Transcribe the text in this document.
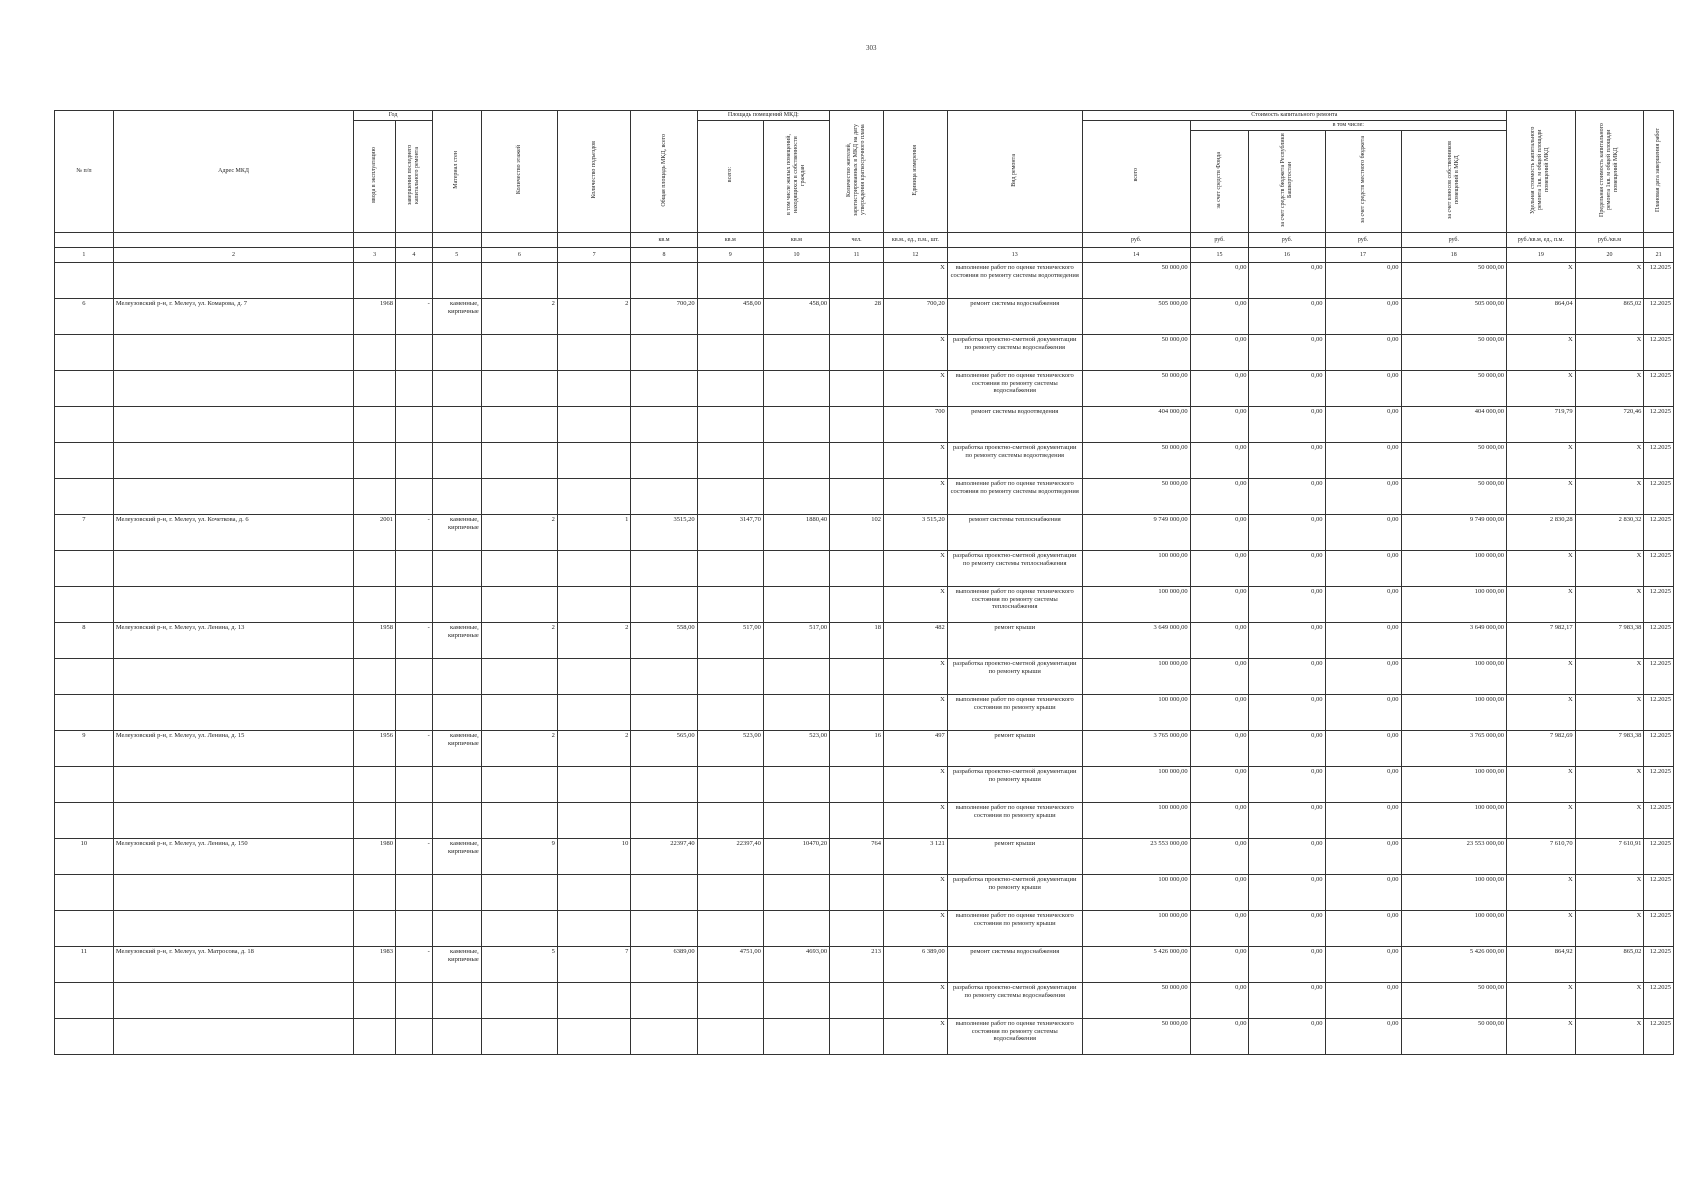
303
№ п/п	Адрес МКД	Год		Материал стен	Количество этажей	Количество подъездов	Общая площадь МКД, всего	Площадь помещений МКД:		Количество жителей, зарегистрированных в МКД на дату утверждения краткосрочного плана	Единица измерения	Вид ремонта	Стоимость капитального ремонта					Удельная стоимость капитального ремонта 1кв. м общей площади помещений МКД	Предельная стоимость капитального ремонта 1кв. м общей площади помещений МКД	Плановая дата завершения работ
		ввода в эксплуатацию	завершения последнего капитального ремонта					всего:	в том числе жилых помещений, находящихся в собственности граждан				всего	в том числе:						
														за счет средств Фонда	за счет средств бюджета Республики Башкортостан	за счет средств местного бюджета	за счет взносов собственников помещений в МКД			
							кв.м	кв.м	кв.м	чел.	кв.м., ед., п.м., шт.		руб.	руб.	руб.	руб.	руб.	руб./кв.м, ед., п.м.	руб./кв.м	
1	2	3	4	5	6	7	8	9	10	11	12	13	14	15	16	17	18	19	20	21
											X	выполнение работ по оценке технического состояния по ремонту системы водоотведения	50 000,00	0,00	0,00	0,00	50 000,00	X	X	12.2025
6	Мелеузовский р-н, г. Мелеуз, ул. Комарова, д. 7	1968	-	каменные, кирпичные	2	2	700,20	458,00	458,00	28	700,20	ремонт системы водоснабжения	505 000,00	0,00	0,00	0,00	505 000,00	864,04	865,02	12.2025
											X	разработка проектно-сметной документации по ремонту системы водоснабжения	50 000,00	0,00	0,00	0,00	50 000,00	X	X	12.2025
											X	выполнение работ по оценке технического состояния по ремонту системы водоснабжения	50 000,00	0,00	0,00	0,00	50 000,00	X	X	12.2025
											700	ремонт системы водоотведения	404 000,00	0,00	0,00	0,00	404 000,00	719,79	720,46	12.2025
											X	разработка проектно-сметной документации по ремонту системы водоотведения	50 000,00	0,00	0,00	0,00	50 000,00	X	X	12.2025
											X	выполнение работ по оценке технического состояния по ремонту системы водоотведения	50 000,00	0,00	0,00	0,00	50 000,00	X	X	12.2025
7	Мелеузовский р-н, г. Мелеуз, ул. Кочеткова, д. 6	2001	-	каменные, кирпичные	2	1	3515,20	3147,70	1880,40	102	3 515,20	ремонт системы теплоснабжения	9 749 000,00	0,00	0,00	0,00	9 749 000,00	2 830,28	2 830,32	12.2025
											X	разработка проектно-сметной документации по ремонту системы теплоснабжения	100 000,00	0,00	0,00	0,00	100 000,00	X	X	12.2025
											X	выполнение работ по оценке технического состояния по ремонту системы теплоснабжения	100 000,00	0,00	0,00	0,00	100 000,00	X	X	12.2025
8	Мелеузовский р-н, г. Мелеуз, ул. Ленина, д. 13	1958	-	каменные, кирпичные	2	2	558,00	517,00	517,00	18	482	ремонт крыши	3 649 000,00	0,00	0,00	0,00	3 649 000,00	7 982,17	7 983,38	12.2025
											X	разработка проектно-сметной документации по ремонту крыши	100 000,00	0,00	0,00	0,00	100 000,00	X	X	12.2025
											X	выполнение работ по оценке технического состояния по ремонту крыши	100 000,00	0,00	0,00	0,00	100 000,00	X	X	12.2025
9	Мелеузовский р-н, г. Мелеуз, ул. Ленина, д. 15	1956	-	каменные, кирпичные	2	2	565,00	523,00	523,00	16	497	ремонт крыши	3 765 000,00	0,00	0,00	0,00	3 765 000,00	7 982,69	7 983,38	12.2025
											X	разработка проектно-сметной документации по ремонту крыши	100 000,00	0,00	0,00	0,00	100 000,00	X	X	12.2025
											X	выполнение работ по оценке технического состояния по ремонту крыши	100 000,00	0,00	0,00	0,00	100 000,00	X	X	12.2025
10	Мелеузовский р-н, г. Мелеуз, ул. Ленина, д. 150	1980	-	каменные, кирпичные	9	10	22397,40	22397,40	10470,20	764	3 121	ремонт крыши	23 553 000,00	0,00	0,00	0,00	23 553 000,00	7 610,70	7 610,91	12.2025
											X	разработка проектно-сметной документации по ремонту крыши	100 000,00	0,00	0,00	0,00	100 000,00	X	X	12.2025
											X	выполнение работ по оценке технического состояния по ремонту крыши	100 000,00	0,00	0,00	0,00	100 000,00	X	X	12.2025
11	Мелеузовский р-н, г. Мелеуз, ул. Матросова, д. 18	1983	-	каменные, кирпичные	5	7	6389,00	4751,00	4693,00	213	6 389,00	ремонт системы водоснабжения	5 426 000,00	0,00	0,00	0,00	5 426 000,00	864,92	865,02	12.2025
											X	разработка проектно-сметной документации по ремонту системы водоснабжения	50 000,00	0,00	0,00	0,00	50 000,00	X	X	12.2025
											X	выполнение работ по оценке технического состояния по ремонту системы водоснабжения	50 000,00	0,00	0,00	0,00	50 000,00	X	X	12.2025
